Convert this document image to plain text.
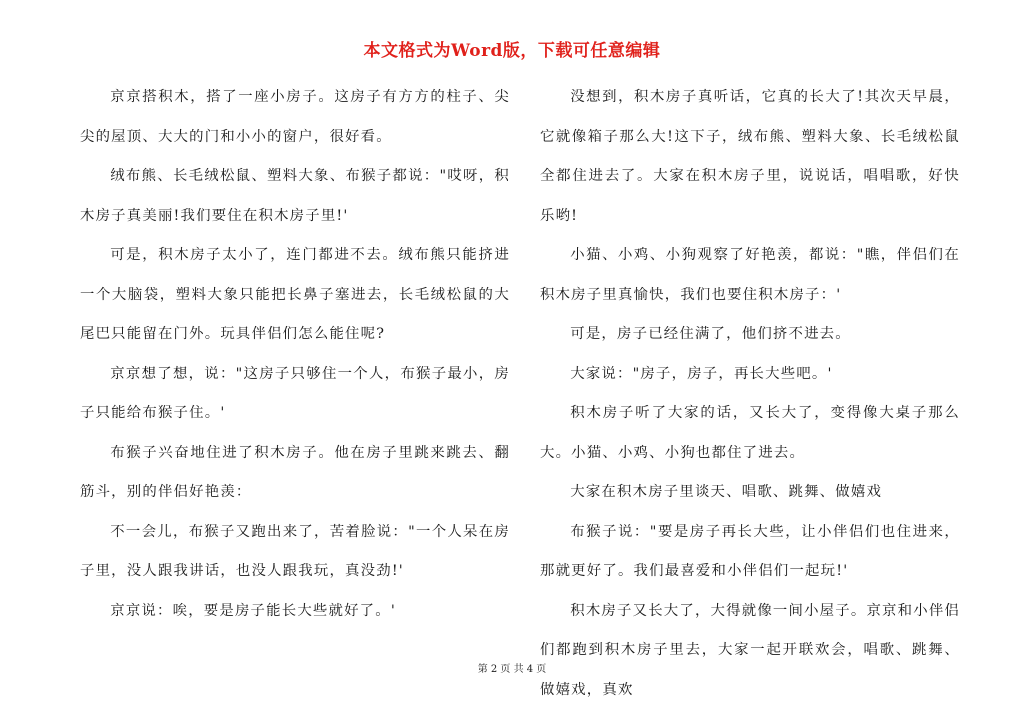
本文格式为Word版，下载可任意编辑

京京搭积木，搭了一座小房子。这房子有方方的柱子、尖尖的屋顶、大大的门和小小的窗户，很好看。

绒布熊、长毛绒松鼠、塑料大象、布猴子都说："哎呀，积木房子真美丽!我们要住在积木房子里!'

可是，积木房子太小了，连门都进不去。绒布熊只能挤进一个大脑袋，塑料大象只能把长鼻子塞进去，长毛绒松鼠的大尾巴只能留在门外。玩具伴侣们怎么能住呢?

京京想了想，说："这房子只够住一个人，布猴子最小，房子只能给布猴子住。'

布猴子兴奋地住进了积木房子。他在房子里跳来跳去、翻筋斗，别的伴侣好艳羡：

不一会儿，布猴子又跑出来了，苦着脸说："一个人呆在房子里，没人跟我讲话，也没人跟我玩，真没劲!'

京京说：唉，要是房子能长大些就好了。'

没想到，积木房子真听话，它真的长大了!其次天早晨，它就像箱子那么大!这下子，绒布熊、塑料大象、长毛绒松鼠全都住进去了。大家在积木房子里，说说话，唱唱歌，好快乐哟!

小猫、小鸡、小狗观察了好艳羡，都说："瞧，伴侣们在积木房子里真愉快，我们也要住积木房子：'

可是，房子已经住满了，他们挤不进去。

大家说："房子，房子，再长大些吧。'

积木房子听了大家的话，又长大了，变得像大桌子那么大。小猫、小鸡、小狗也都住了进去。

大家在积木房子里谈天、唱歌、跳舞、做嬉戏

布猴子说："要是房子再长大些，让小伴侣们也住进来，那就更好了。我们最喜爱和小伴侣们一起玩!'

积木房子又长大了，大得就像一间小屋子。京京和小伴侣们都跑到积木房子里去，大家一起开联欢会，唱歌、跳舞、做嬉戏，真欢

第 2 页 共 4 页
